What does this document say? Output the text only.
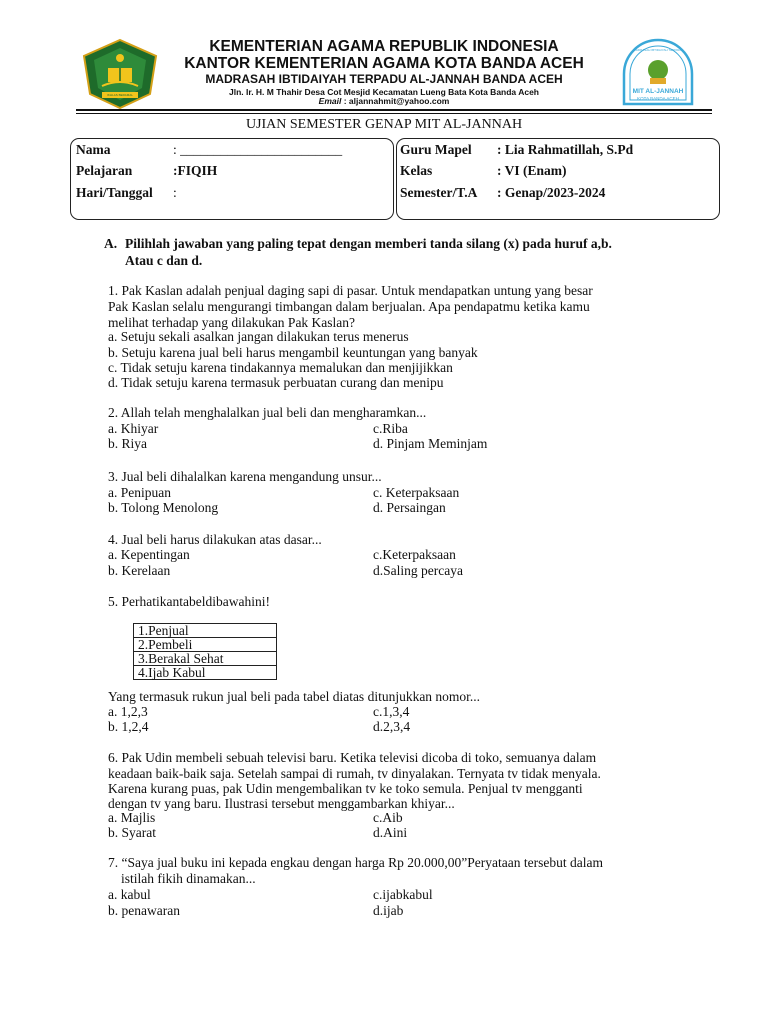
IKHLAS BERAMAL
KEMENTERIAN AGAMA REPUBLIK INDONESIA
KANTOR KEMENTERIAN AGAMA KOTA BANDA ACEH
MADRASAH IBTIDAIYAH TERPADU AL-JANNAH BANDA ACEH
Jln. Ir. H. M Thahir Desa Cot Mesjid Kecamatan Lueng Bata Kota Banda Aceh
Email : aljannahmit@yahoo.com
MADRASAH IBTIDAIYAH TERPADU
MIT AL-JANNAH
KOTA BANDA ACEH
UJIAN SEMESTER GENAP MIT AL-JANNAH
Nama	: ________________________
Pelajaran	:FIQIH
Hari/Tanggal :
Guru Mapel : Lia Rahmatillah, S.Pd
Kelas	: VI (Enam)
Semester/T.A : Genap/2023-2024
A. Pilihlah jawaban yang paling tepat dengan memberi tanda silang (x) pada huruf a,b.
Atau c dan d.
1. Pak Kaslan adalah penjual daging sapi di pasar. Untuk mendapatkan untung yang besar
Pak Kaslan selalu mengurangi timbangan dalam berjualan. Apa pendapatmu ketika kamu
melihat terhadap yang dilakukan Pak Kaslan?
a. Setuju sekali asalkan jangan dilakukan terus menerus
b. Setuju karena jual beli harus mengambil keuntungan yang banyak
c. Tidak setuju karena tindakannya memalukan dan menjijikkan
d. Tidak setuju karena termasuk perbuatan curang dan menipu
2. Allah telah menghalalkan jual beli dan mengharamkan...
a. Khiyar	c.Riba
b. Riya	d. Pinjam Meminjam
3. Jual beli dihalalkan karena mengandung unsur...
a. Penipuan	c. Keterpaksaan
b. Tolong Menolong	d. Persaingan
4. Jual beli harus dilakukan atas dasar...
a. Kepentingan	c.Keterpaksaan
b. Kerelaan	d.Saling percaya
5. Perhatikantabeldibawahini!
1.Penjual
2.Pembeli
3.Berakal Sehat
4.Ijab Kabul
Yang termasuk rukun jual beli pada tabel diatas ditunjukkan nomor...
a. 1,2,3	c.1,3,4
b. 1,2,4	d.2,3,4
6. Pak Udin membeli sebuah televisi baru. Ketika televisi dicoba di toko, semuanya dalam
keadaan baik-baik saja. Setelah sampai di rumah, tv dinyalakan. Ternyata tv tidak menyala.
Karena kurang puas, pak Udin mengembalikan tv ke toko semula. Penjual tv mengganti
dengan tv yang baru. Ilustrasi tersebut menggambarkan khiyar...
a. Majlis	c.Aib
b. Syarat	d.Aini
7. “Saya jual buku ini kepada engkau dengan harga Rp 20.000,00”Peryataan tersebut dalam
istilah fikih dinamakan...
a. kabul	c.ijabkabul
b. penawaran	d.ijab
